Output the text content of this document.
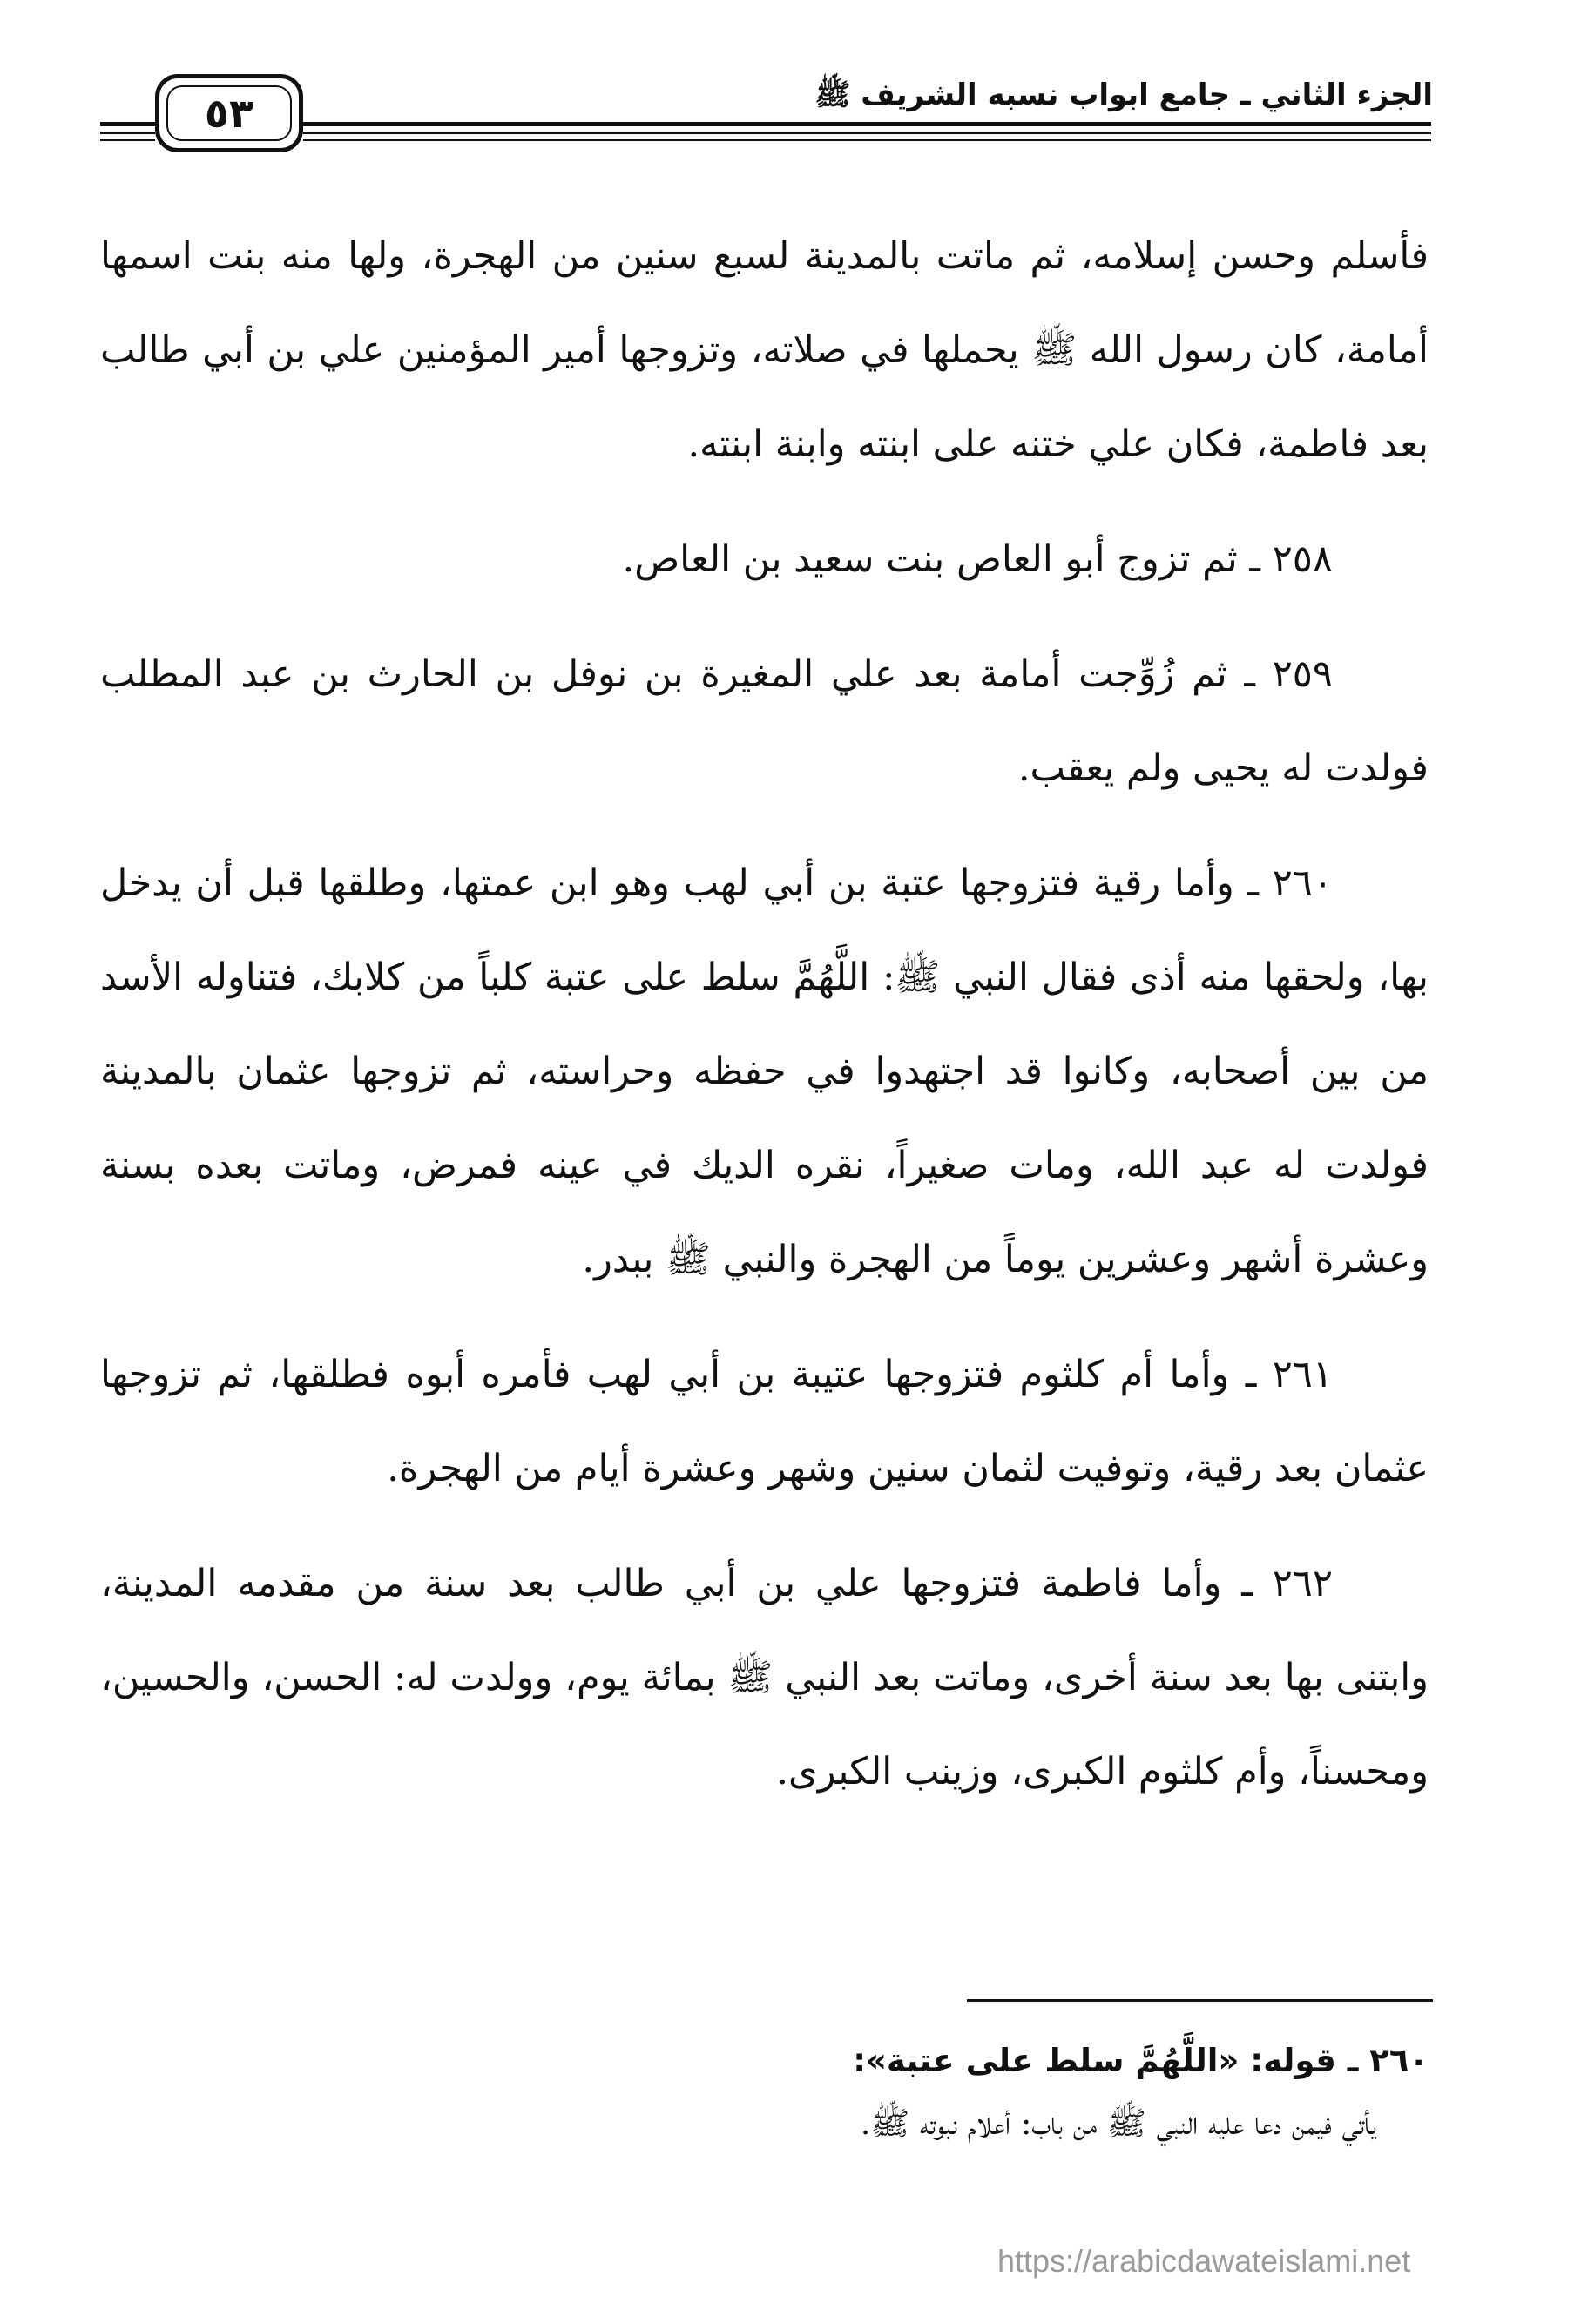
الجزء الثاني ـ جامع ابواب نسبه الشريف ﷺ
٥٣

فأسلم وحسن إسلامه، ثم ماتت بالمدينة لسبع سنين من الهجرة، ولها منه بنت اسمها أمامة، كان رسول الله ﷺ يحملها في صلاته، وتزوجها أمير المؤمنين علي بن أبي طالب بعد فاطمة، فكان علي ختنه على ابنته وابنة ابنته.

٢٥٨ ـ ثم تزوج أبو العاص بنت سعيد بن العاص.

٢٥٩ ـ ثم زُوِّجت أمامة بعد علي المغيرة بن نوفل بن الحارث بن عبد المطلب فولدت له يحيى ولم يعقب.

٢٦٠ ـ وأما رقية فتزوجها عتبة بن أبي لهب وهو ابن عمتها، وطلقها قبل أن يدخل بها، ولحقها منه أذى فقال النبي ﷺ: اللَّهُمَّ سلط على عتبة كلباً من كلابك، فتناوله الأسد من بين أصحابه، وكانوا قد اجتهدوا في حفظه وحراسته، ثم تزوجها عثمان بالمدينة فولدت له عبد الله، ومات صغيراً، نقره الديك في عينه فمرض، وماتت بعده بسنة وعشرة أشهر وعشرين يوماً من الهجرة والنبي ﷺ ببدر.

٢٦١ ـ وأما أم كلثوم فتزوجها عتيبة بن أبي لهب فأمره أبوه فطلقها، ثم تزوجها عثمان بعد رقية، وتوفيت لثمان سنين وشهر وعشرة أيام من الهجرة.

٢٦٢ ـ وأما فاطمة فتزوجها علي بن أبي طالب بعد سنة من مقدمه المدينة، وابتنى بها بعد سنة أخرى، وماتت بعد النبي ﷺ بمائة يوم، وولدت له: الحسن، والحسين، ومحسناً، وأم كلثوم الكبرى، وزينب الكبرى.

٢٦٠ ـ قوله: «اللَّهُمَّ سلط على عتبة»:

يأتي فيمن دعا عليه النبي ﷺ من باب: أعلام نبوته ﷺ.

https://arabicdawateislami.net
